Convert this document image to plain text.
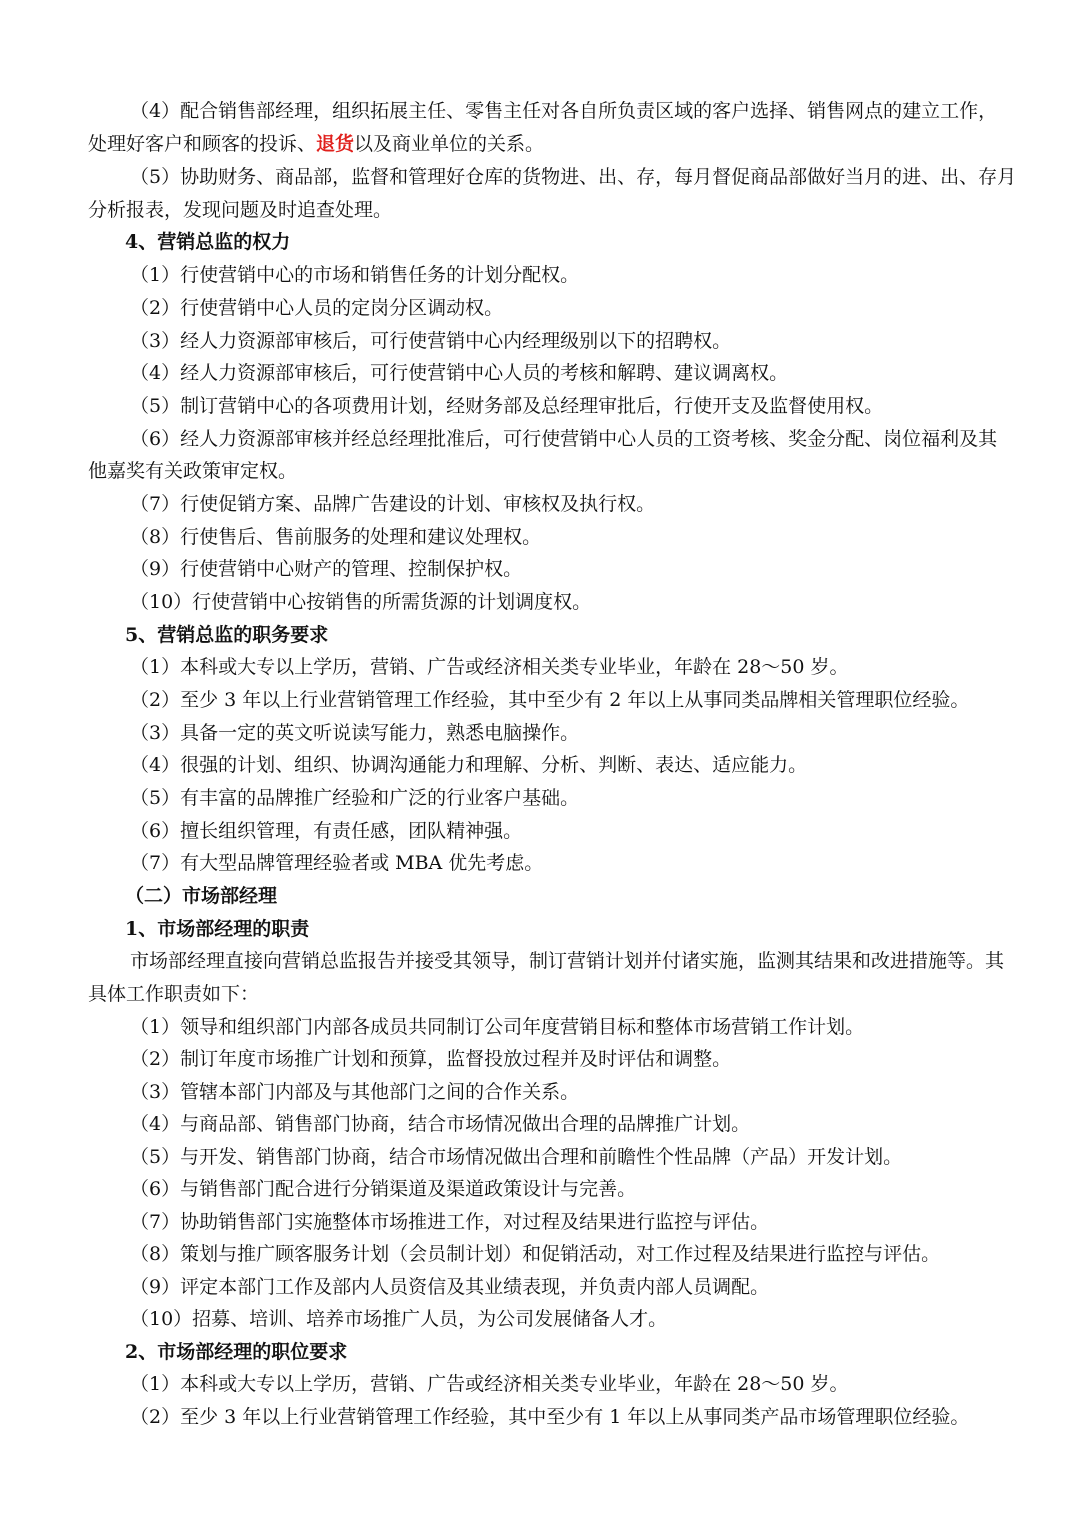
（4）配合销售部经理，组织拓展主任、零售主任对各自所负责区域的客户选择、销售网点的建立工作，
处理好客户和顾客的投诉、退货以及商业单位的关系。
（5）协助财务、商品部，监督和管理好仓库的货物进、出、存，每月督促商品部做好当月的进、出、存月
分析报表，发现问题及时追查处理。
4、营销总监的权力
（1）行使营销中心的市场和销售任务的计划分配权。
（2）行使营销中心人员的定岗分区调动权。
（3）经人力资源部审核后，可行使营销中心内经理级别以下的招聘权。
（4）经人力资源部审核后，可行使营销中心人员的考核和解聘、建议调离权。
（5）制订营销中心的各项费用计划，经财务部及总经理审批后，行使开支及监督使用权。
（6）经人力资源部审核并经总经理批准后，可行使营销中心人员的工资考核、奖金分配、岗位福利及其
他嘉奖有关政策审定权。
（7）行使促销方案、品牌广告建设的计划、审核权及执行权。
（8）行使售后、售前服务的处理和建议处理权。
（9）行使营销中心财产的管理、控制保护权。
（10）行使营销中心按销售的所需货源的计划调度权。
5、营销总监的职务要求
（1）本科或大专以上学历，营销、广告或经济相关类专业毕业，年龄在 28～50 岁。
（2）至少 3 年以上行业营销管理工作经验，其中至少有 2 年以上从事同类品牌相关管理职位经验。
（3）具备一定的英文听说读写能力，熟悉电脑操作。
（4）很强的计划、组织、协调沟通能力和理解、分析、判断、表达、适应能力。
（5）有丰富的品牌推广经验和广泛的行业客户基础。
（6）擅长组织管理，有责任感，团队精神强。
（7）有大型品牌管理经验者或 MBA 优先考虑。
（二）市场部经理
1、市场部经理的职责
市场部经理直接向营销总监报告并接受其领导，制订营销计划并付诸实施，监测其结果和改进措施等。其
具体工作职责如下：
（1）领导和组织部门内部各成员共同制订公司年度营销目标和整体市场营销工作计划。
（2）制订年度市场推广计划和预算，监督投放过程并及时评估和调整。
（3）管辖本部门内部及与其他部门之间的合作关系。
（4）与商品部、销售部门协商，结合市场情况做出合理的品牌推广计划。
（5）与开发、销售部门协商，结合市场情况做出合理和前瞻性个性品牌（产品）开发计划。
（6）与销售部门配合进行分销渠道及渠道政策设计与完善。
（7）协助销售部门实施整体市场推进工作，对过程及结果进行监控与评估。
（8）策划与推广顾客服务计划（会员制计划）和促销活动，对工作过程及结果进行监控与评估。
（9）评定本部门工作及部内人员资信及其业绩表现，并负责内部人员调配。
（10）招募、培训、培养市场推广人员，为公司发展储备人才。
2、市场部经理的职位要求
（1）本科或大专以上学历，营销、广告或经济相关类专业毕业，年龄在 28～50 岁。
（2）至少 3 年以上行业营销管理工作经验，其中至少有 1 年以上从事同类产品市场管理职位经验。
